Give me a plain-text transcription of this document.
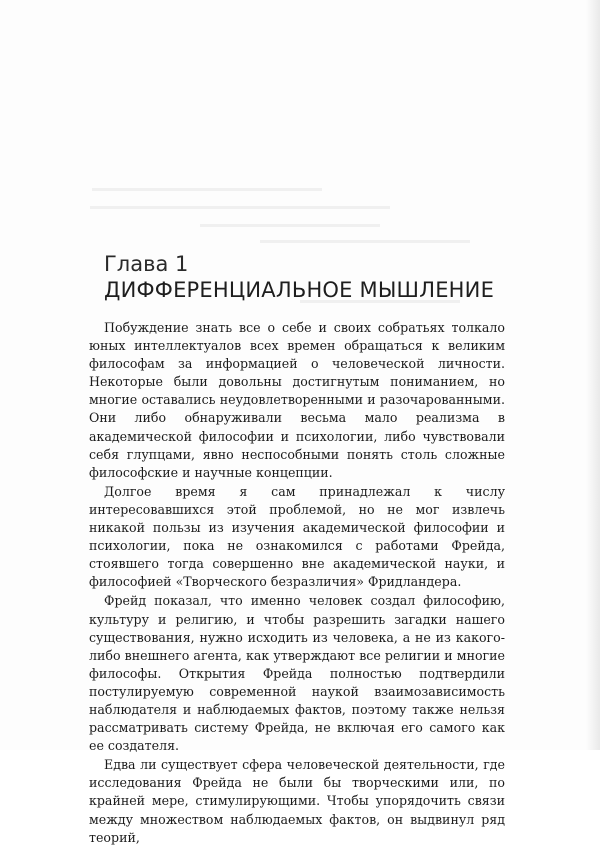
Глава 1
ДИФФЕРЕНЦИАЛЬНОЕ МЫШЛЕНИЕ

Побуждение знать все о себе и своих собратьях толкало юных интеллектуалов всех времен обращаться к великим философам за информацией о человеческой личности. Некоторые были довольны достигнутым пониманием, но многие оставались неудовлетворенными и разочарованными. Они либо обнаруживали весьма мало реализма в академической философии и психологии, либо чувствовали себя глупцами, явно неспособными понять столь сложные философские и научные концепции.

Долгое время я сам принадлежал к числу интересовавшихся этой проблемой, но не мог извлечь никакой пользы из изучения академической философии и психологии, пока не ознакомился с работами Фрейда, стоявшего тогда совершенно вне академической науки, и философией «Творческого безразличия» Фридландера.

Фрейд показал, что именно человек создал философию, культуру и религию, и чтобы разрешить загадки нашего существования, нужно исходить из человека, а не из какого-либо внешнего агента, как утверждают все религии и многие философы. Открытия Фрейда полностью подтвердили постулируемую современной наукой взаимозависимость наблюдателя и наблюдаемых фактов, поэтому также нельзя рассматривать систему Фрейда, не включая его самого как ее создателя.

Едва ли существует сфера человеческой деятельности, где исследования Фрейда не были бы творческими или, по крайней мере, стимулирующими. Чтобы упорядочить связи между множеством наблюдаемых фактов, он выдвинул ряд теорий,
